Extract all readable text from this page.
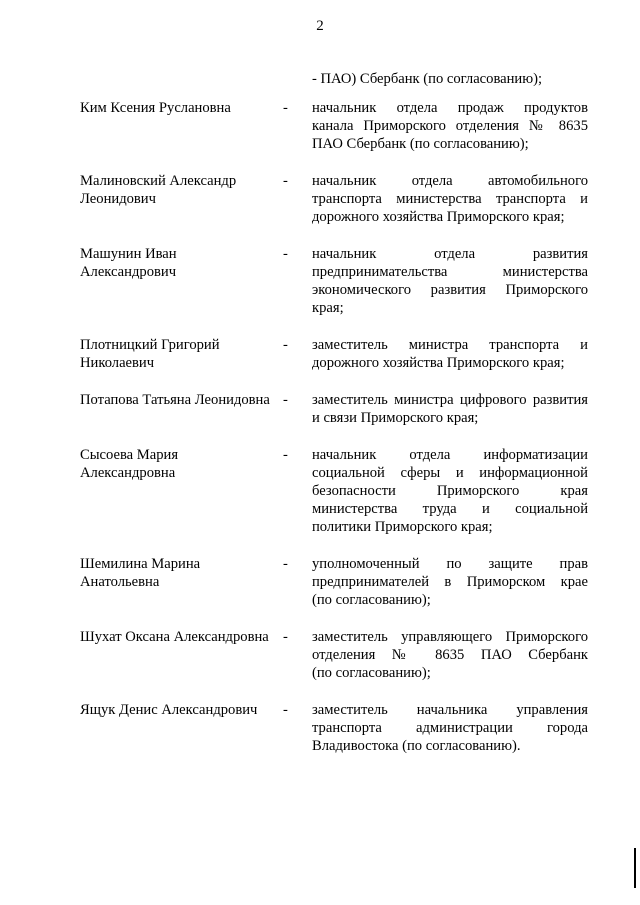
2
- ПАО) Сбербанк (по согласованию);
Ким Ксения Руслановна	-	начальник отдела продаж продуктов
канала Приморского отделения № 8635
ПАО Сбербанк (по согласованию);
Малиновский Александр
Леонидович
-	начальник отдела автомобильного
транспорта министерства транспорта и
дорожного хозяйства Приморского края;
Машунин Иван
Александрович
-	начальник отдела развития
предпринимательства министерства
экономического развития Приморского
края;
Плотницкий Григорий
Николаевич
-	заместитель министра транспорта и
дорожного хозяйства Приморского края;
Потапова Татьяна Леонидовна -	заместитель министра цифрового развития
и связи Приморского края;
Сысоева Мария
Александровна
-	начальник отдела информатизации
социальной сферы и информационной
безопасности Приморского края
министерства труда и социальной
политики Приморского края;
Шемилина Марина
Анатольевна
-	уполномоченный по защите прав
предпринимателей в Приморском крае
(по согласованию);
Шухат Оксана Александровна -	заместитель управляющего Приморского
отделения № 8635 ПАО Сбербанк
(по согласованию);
Ящук Денис Александрович	-	заместитель начальника управления
транспорта администрации города
Владивостока (по согласованию).
